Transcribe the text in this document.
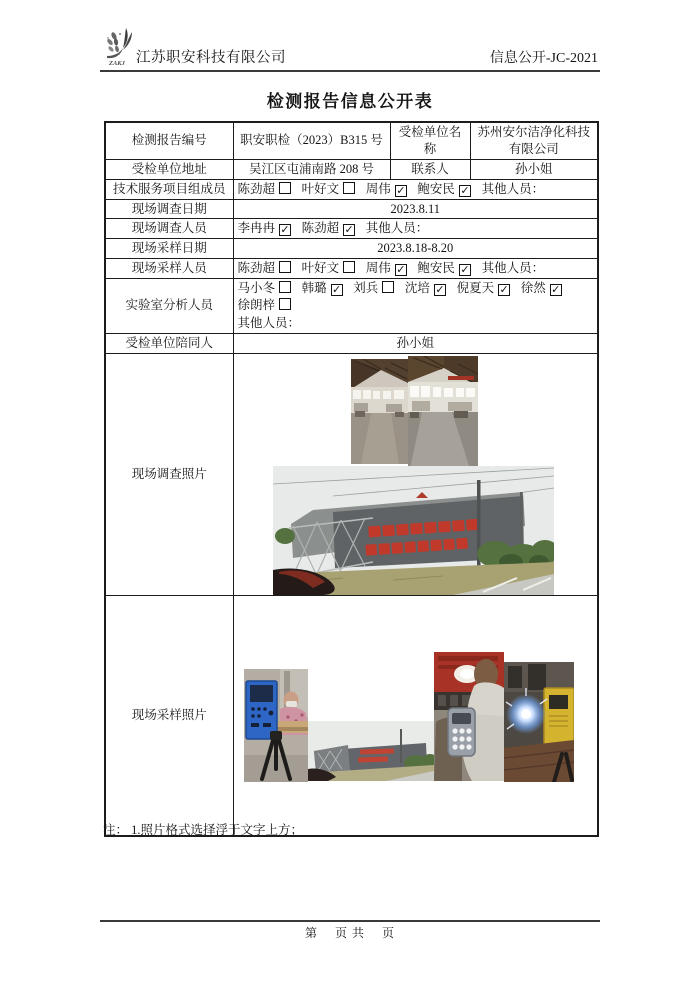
ZAKJ 江苏职安科技有限公司	信息公开-JC-2021
检测报告信息公开表
检测报告编号	职安职检（2023）B315 号	受检单位名称	苏州安尔洁净化科技有限公司
受检单位地址	吴江区屯浦南路 208 号	联系人	孙小姐
技术服务项目组成员	陈劲超 叶好文 周伟 ✓ 鲍安民 ✓ 其他人员：		
现场调查日期	2023.8.11		
现场调查人员	李冉冉 ✓ 陈劲超 ✓ 其他人员：		
现场采样日期	2023.8.18-8.20		
现场采样人员	陈劲超 叶好文 周伟 ✓ 鲍安民 ✓ 其他人员：		
实验室分析人员	马小冬 韩璐 ✓ 刘兵 沈培 ✓ 倪夏天 ✓ 徐然 ✓徐朗梓
其他人员：		

受检单位陪同人	孙小姐		
现场调查照片	

现场采样照片	
注： 1.照片格式选择浮于文字上方；
第　 页 共　 页
